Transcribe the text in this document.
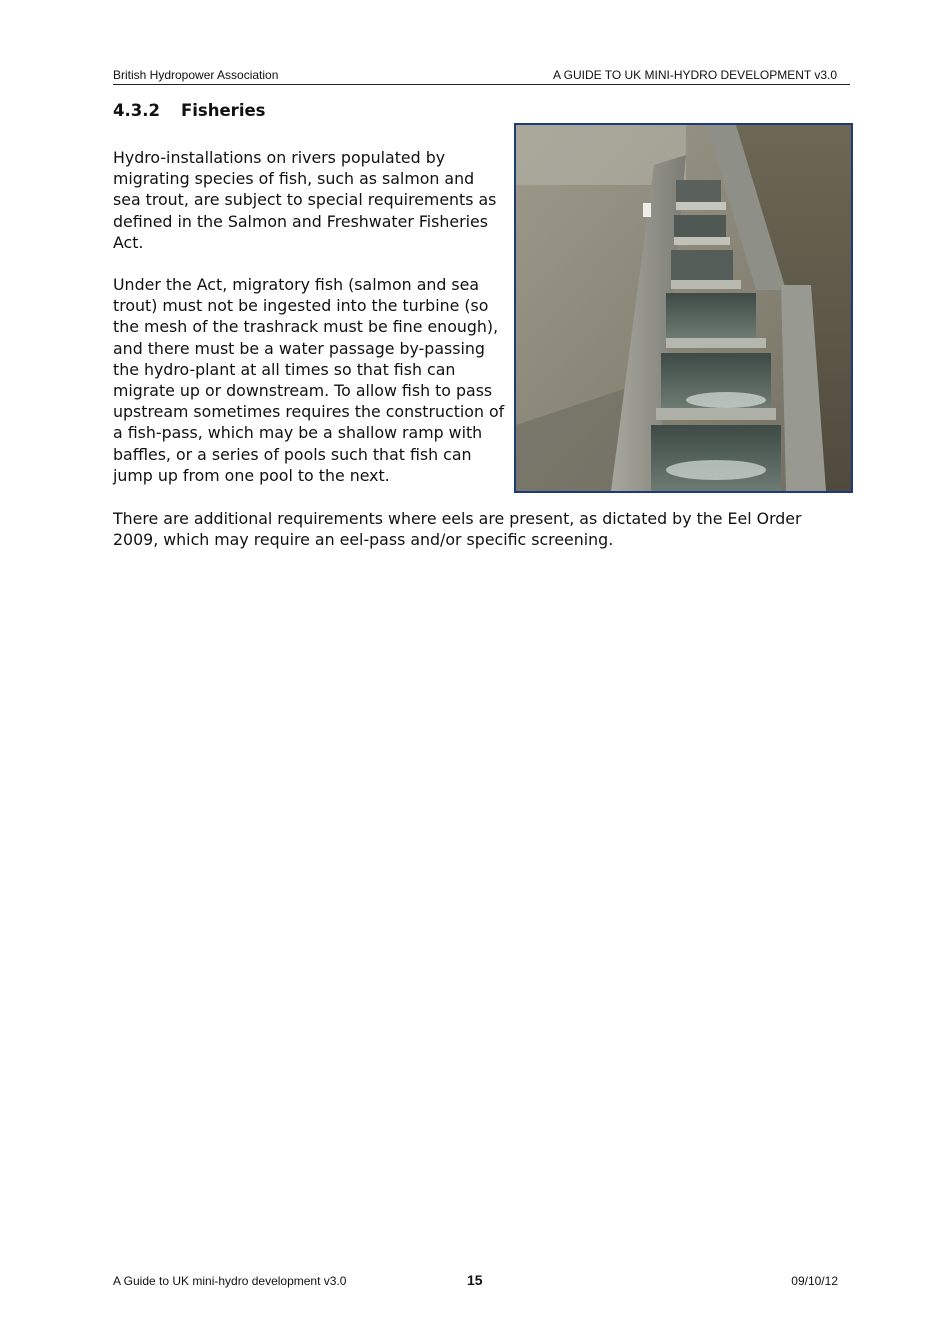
British Hydropower Association	A GUIDE TO UK MINI-HYDRO DEVELOPMENT v3.0
4.3.2 Fisheries

Hydro-installations on rivers populated by migrating species of fish, such as salmon and sea trout, are subject to special requirements as defined in the Salmon and Freshwater Fisheries Act.

Under the Act, migratory fish (salmon and sea trout) must not be ingested into the turbine (so the mesh of the trashrack must be fine enough), and there must be a water passage by-passing the hydro-plant at all times so that fish can migrate up or downstream. To allow fish to pass upstream sometimes requires the construction of a fish-pass, which may be a shallow ramp with baffles, or a series of pools such that fish can jump up from one pool to the next.

There are additional requirements where eels are present, as dictated by the Eel Order 2009, which may require an eel-pass and/or specific screening.

A Guide to UK mini-hydro development v3.0	15	09/10/12
